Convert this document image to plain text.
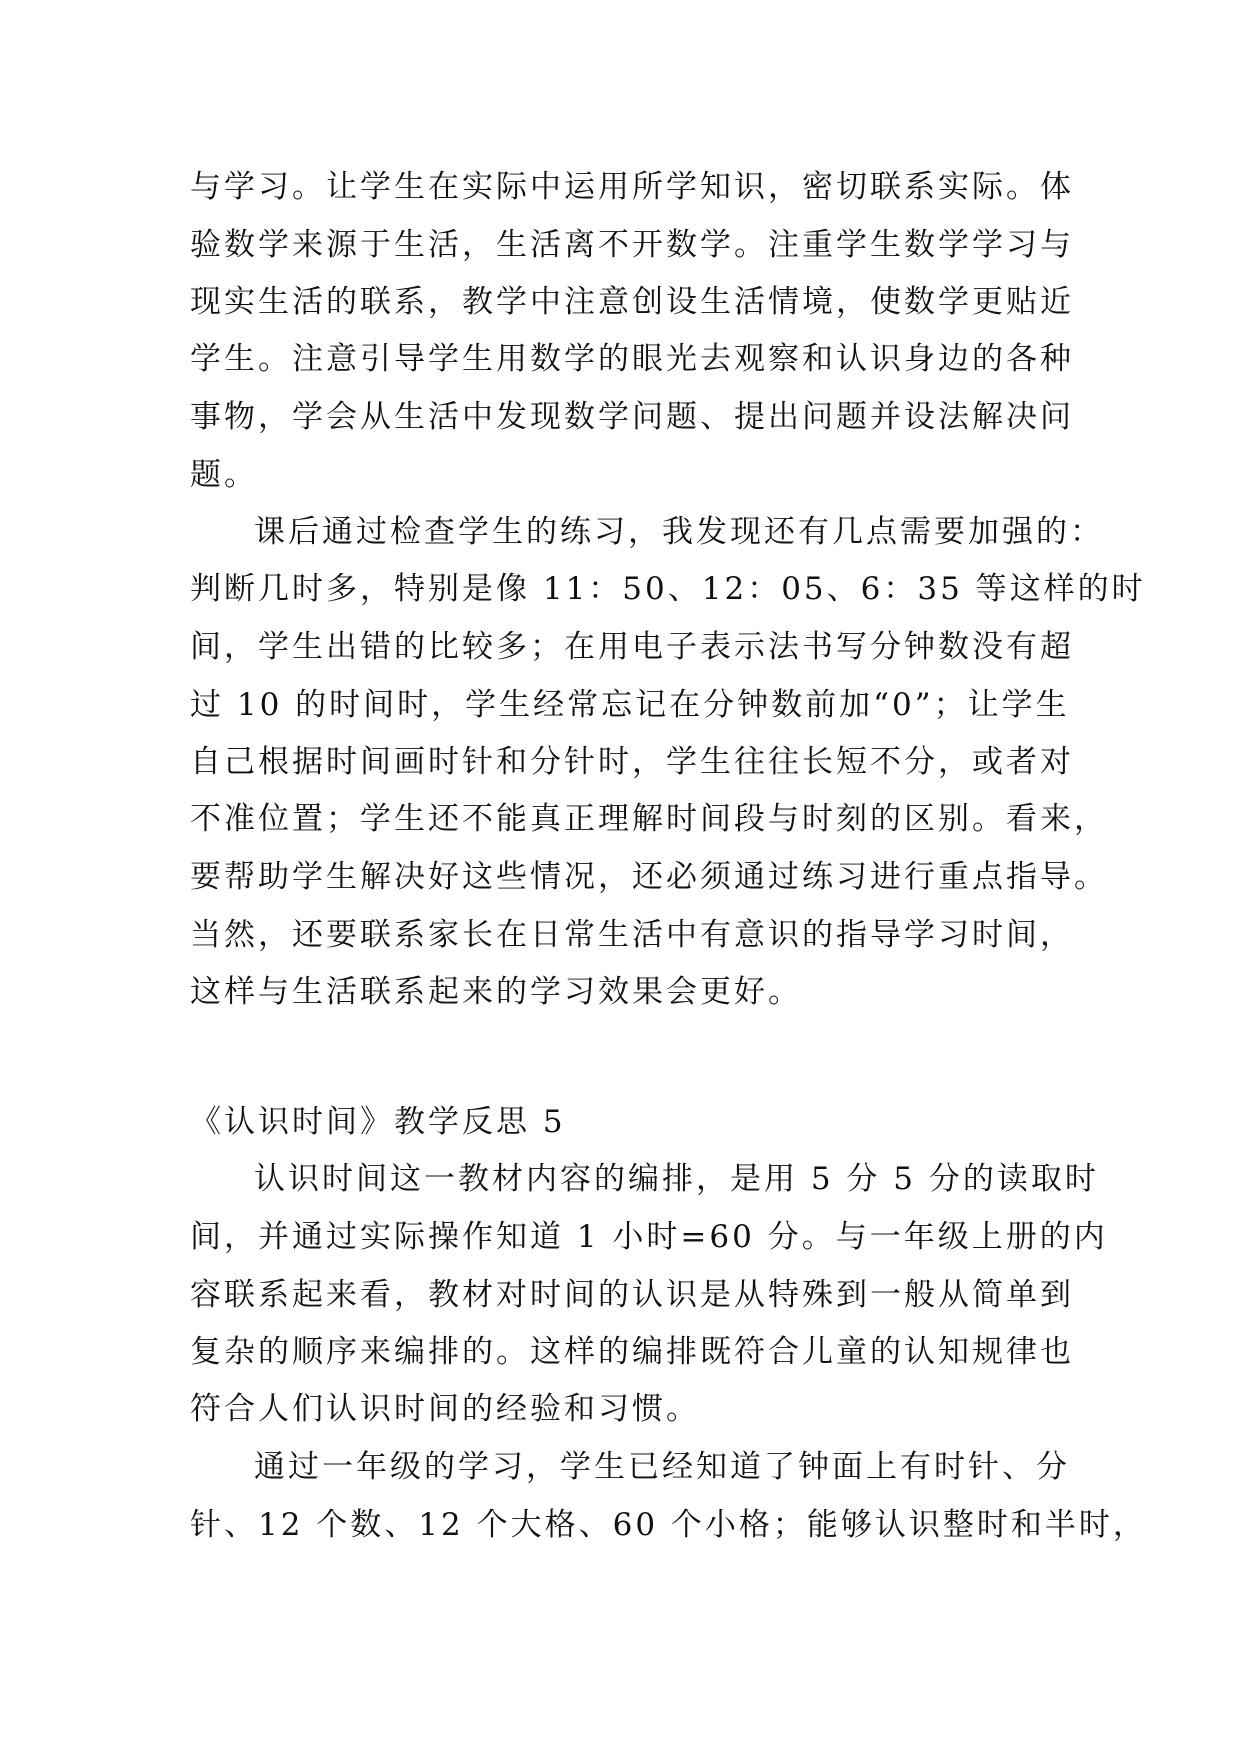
与学习。让学生在实际中运用所学知识，密切联系实际。体
验数学来源于生活，生活离不开数学。注重学生数学学习与
现实生活的联系，教学中注意创设生活情境，使数学更贴近
学生。注意引导学生用数学的眼光去观察和认识身边的各种
事物，学会从生活中发现数学问题、提出问题并设法解决问
题。
课后通过检查学生的练习，我发现还有几点需要加强的：
判断几时多，特别是像 11：50、12：05、6：35 等这样的时
间，学生出错的比较多；在用电子表示法书写分钟数没有超
过 10 的时间时，学生经常忘记在分钟数前加“0”；让学生
自己根据时间画时针和分针时，学生往往长短不分，或者对
不准位置；学生还不能真正理解时间段与时刻的区别。看来，
要帮助学生解决好这些情况，还必须通过练习进行重点指导。
当然，还要联系家长在日常生活中有意识的指导学习时间，
这样与生活联系起来的学习效果会更好。
《认识时间》教学反思 5
认识时间这一教材内容的编排，是用 5 分 5 分的读取时
间，并通过实际操作知道 1 小时=60 分。与一年级上册的内
容联系起来看，教材对时间的认识是从特殊到一般从简单到
复杂的顺序来编排的。这样的编排既符合儿童的认知规律也
符合人们认识时间的经验和习惯。
通过一年级的学习，学生已经知道了钟面上有时针、分
针、12 个数、12 个大格、60 个小格；能够认识整时和半时，
